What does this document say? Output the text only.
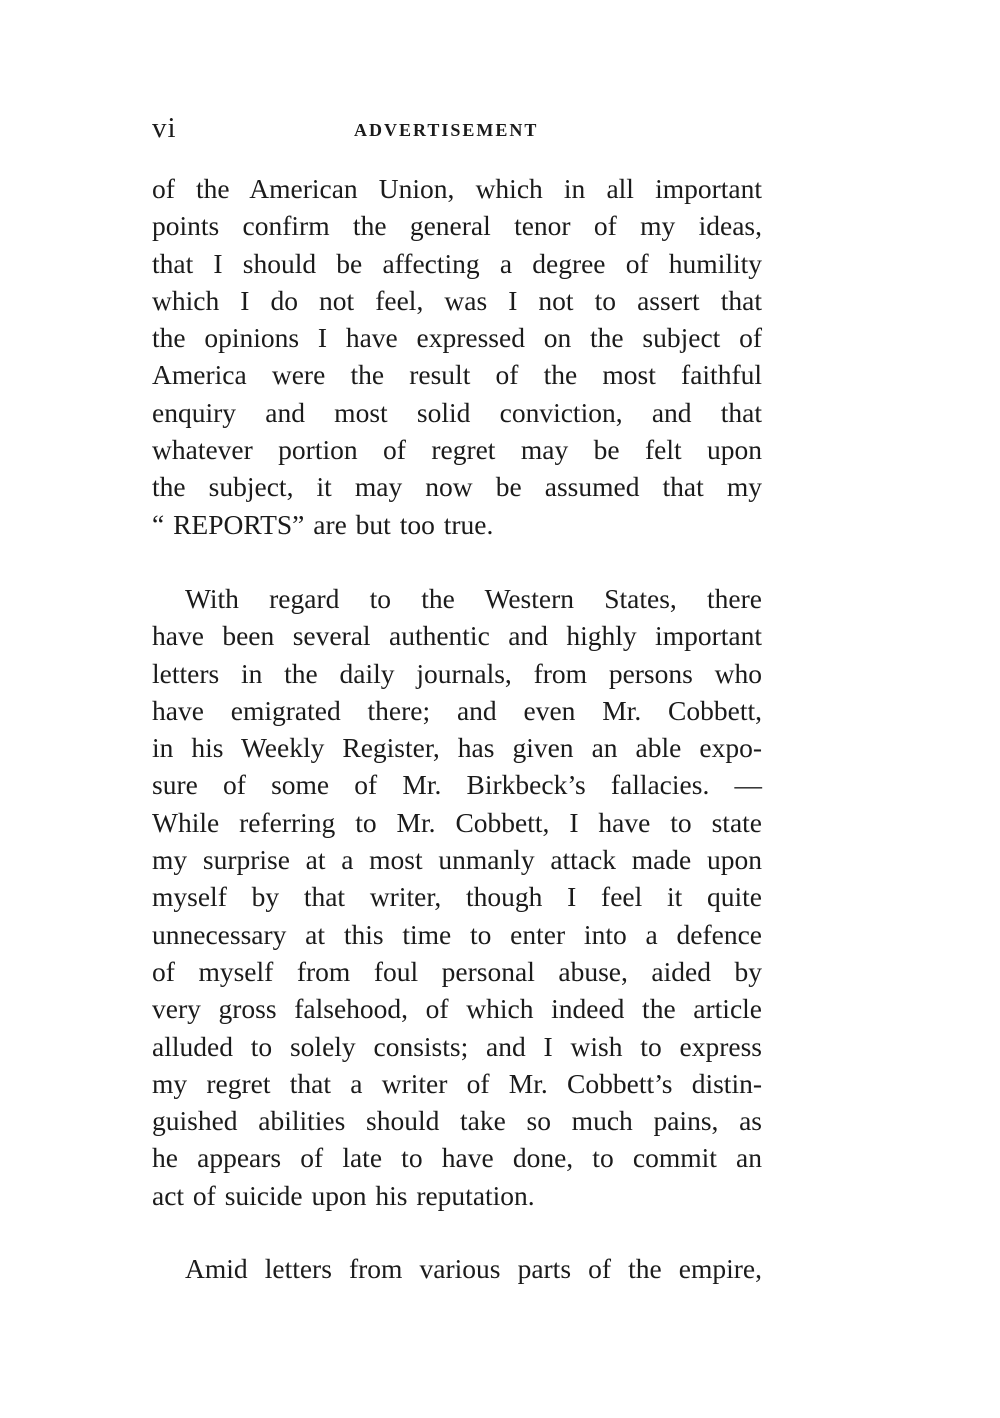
vi	ADVERTISEMENT
of the American Union, which in all important
points confirm the general tenor of my ideas,
that I should be affecting a degree of humility
which I do not feel, was I not to assert that
the opinions I have expressed on the subject of
America were the result of the most faithful
enquiry and most solid conviction, and that
whatever portion of regret may be felt upon
the subject, it may now be assumed that my
“ REPORTS” are but too true.
With regard to the Western States, there
have been several authentic and highly important
letters in the daily journals, from persons who
have emigrated there; and even Mr. Cobbett,
in his Weekly Register, has given an able expo-
sure of some of Mr. Birkbeck’s fallacies. —
While referring to Mr. Cobbett, I have to state
my surprise at a most unmanly attack made upon
myself by that writer, though I feel it quite
unnecessary at this time to enter into a defence
of myself from foul personal abuse, aided by
very gross falsehood, of which indeed the article
alluded to solely consists; and I wish to express
my regret that a writer of Mr. Cobbett’s distin-
guished abilities should take so much pains, as
he appears of late to have done, to commit an
act of suicide upon his reputation.
Amid letters from various parts of the empire,
